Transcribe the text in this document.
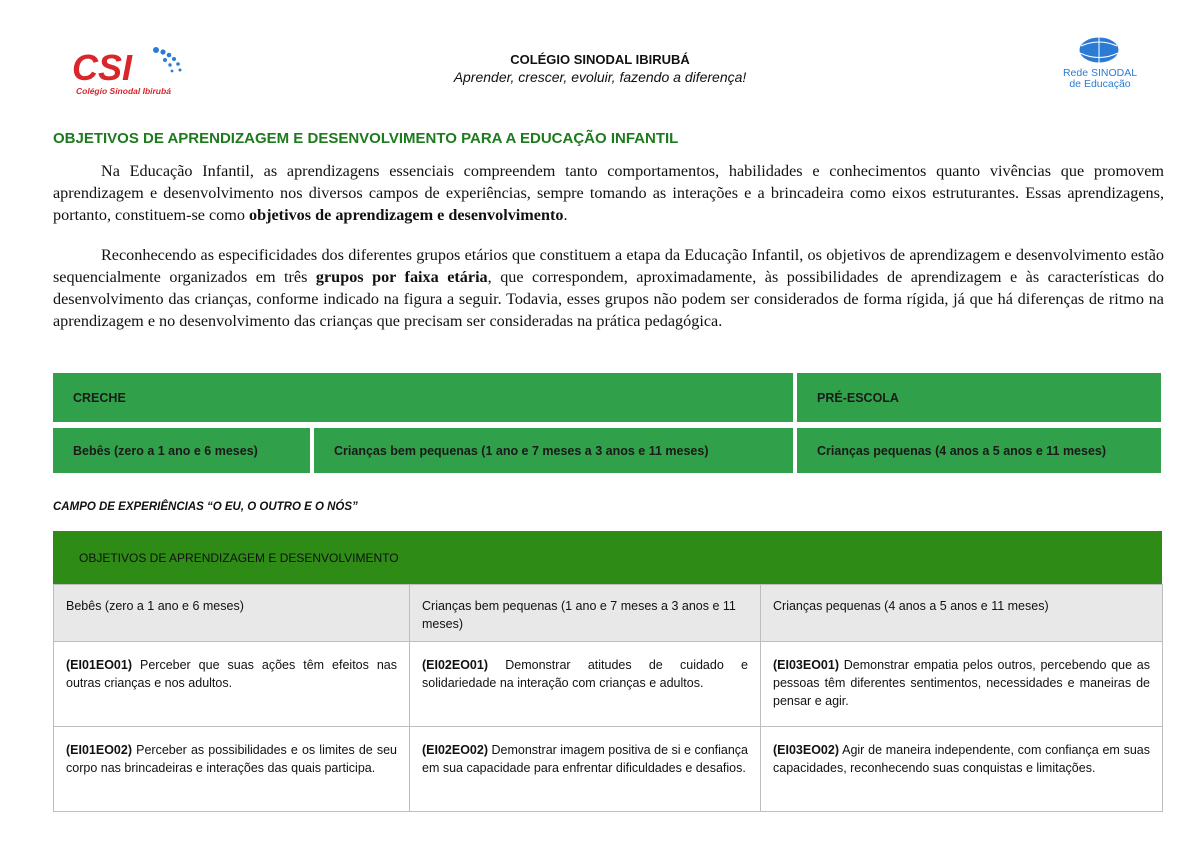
CSI
Colégio Sinodal Ibirubá
Rede SINODAL
de Educação
COLÉGIO SINODAL IBIRUBÁ
Aprender, crescer, evoluir, fazendo a diferença!
OBJETIVOS DE APRENDIZAGEM E DESENVOLVIMENTO PARA A EDUCAÇÃO INFANTIL

Na Educação Infantil, as aprendizagens essenciais compreendem tanto comportamentos, habilidades e conhecimentos quanto vivências que promovem aprendizagem e desenvolvimento nos diversos campos de experiências, sempre tomando as interações e a brincadeira como eixos estruturantes. Essas aprendizagens, portanto, constituem-se como objetivos de aprendizagem e desenvolvimento.

Reconhecendo as especificidades dos diferentes grupos etários que constituem a etapa da Educação Infantil, os objetivos de aprendizagem e desenvolvimento estão sequencialmente organizados em três grupos por faixa etária, que correspondem, aproximadamente, às possibilidades de aprendizagem e às características do desenvolvimento das crianças, conforme indicado na figura a seguir. Todavia, esses grupos não podem ser considerados de forma rígida, já que há diferenças de ritmo na aprendizagem e no desenvolvimento das crianças que precisam ser consideradas na prática pedagógica.

CRECHE	PRÉ-ESCOLA
Bebês (zero a 1 ano e 6 meses)	Crianças bem pequenas (1 ano e 7 meses a 3 anos e 11 meses)	Crianças pequenas (4 anos a 5 anos e 11 meses)
CAMPO DE EXPERIÊNCIAS “O EU, O OUTRO E O NÓS”
OBJETIVOS DE APRENDIZAGEM E DESENVOLVIMENTO
Bebês (zero a 1 ano e 6 meses)	Crianças bem pequenas (1 ano e 7 meses a 3 anos e 11 meses)	Crianças pequenas (4 anos a 5 anos e 11 meses)
(EI01EO01) Perceber que suas ações têm efeitos nas outras crianças e nos adultos.	(EI02EO01) Demonstrar atitudes de cuidado e solidariedade na interação com crianças e adultos.	(EI03EO01) Demonstrar empatia pelos outros, percebendo que as pessoas têm diferentes sentimentos, necessidades e maneiras de pensar e agir.
(EI01EO02) Perceber as possibilidades e os limites de seu corpo nas brincadeiras e interações das quais participa.	(EI02EO02) Demonstrar imagem positiva de si e confiança em sua capacidade para enfrentar dificuldades e desafios.	(EI03EO02) Agir de maneira independente, com confiança em suas capacidades, reconhecendo suas conquistas e limitações.
